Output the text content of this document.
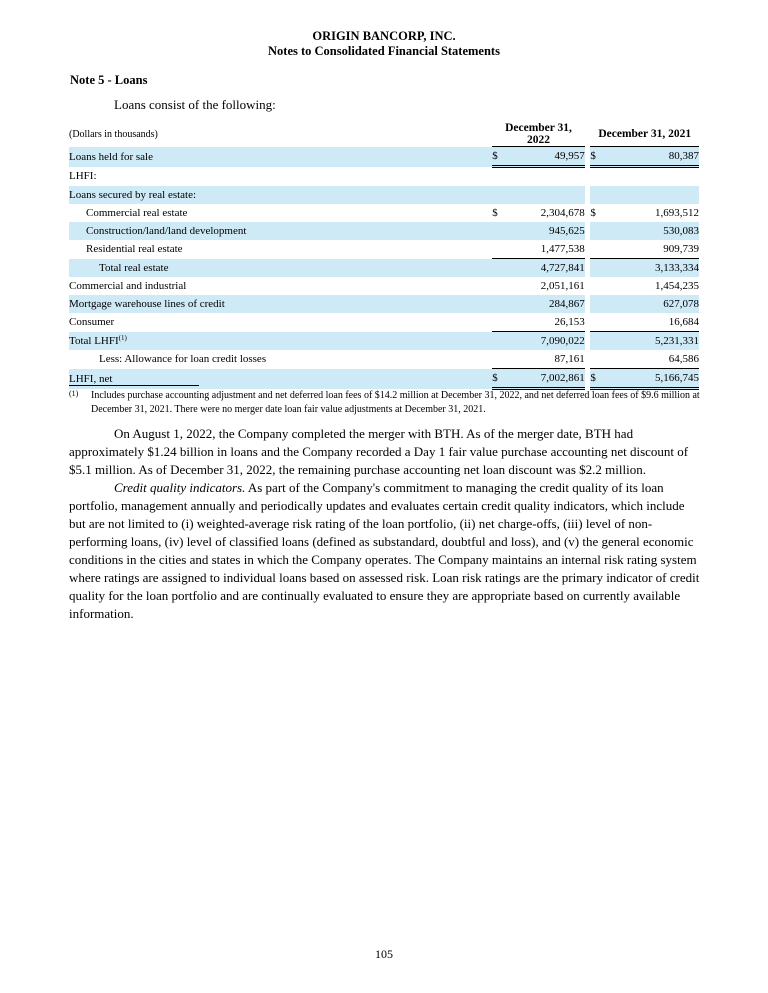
ORIGIN BANCORP, INC.
Notes to Consolidated Financial Statements
Note 5 - Loans
Loans consist of the following:
(Dollars in thousands)	December 31, 2022			December 31, 2021	
Loans held for sale	$	49,957		$	80,387
LHFI:					
Loans secured by real estate:					
Commercial real estate	$	2,304,678		$	1,693,512
Construction/land/land development		945,625			530,083
Residential real estate		1,477,538			909,739
Total real estate		4,727,841			3,133,334
Commercial and industrial		2,051,161			1,454,235
Mortgage warehouse lines of credit		284,867			627,078
Consumer		26,153			16,684
Total LHFI$^{(1)}$		7,090,022			5,231,331
Less: Allowance for loan credit losses		87,161			64,586
LHFI, net	$	7,002,861		$	5,166,745
(1) Includes purchase accounting adjustment and net deferred loan fees of $14.2 million at December 31, 2022, and net deferred loan fees of $9.6 million at December 31, 2021. There were no merger date loan fair value adjustments at December 31, 2021.
On August 1, 2022, the Company completed the merger with BTH. As of the merger date, BTH had approximately $1.24 billion in loans and the Company recorded a Day 1 fair value purchase accounting net discount of $5.1 million. As of December 31, 2022, the remaining purchase accounting net loan discount was $2.2 million.
Credit quality indicators. As part of the Company's commitment to managing the credit quality of its loan portfolio, management annually and periodically updates and evaluates certain credit quality indicators, which include but are not limited to (i) weighted-average risk rating of the loan portfolio, (ii) net charge-offs, (iii) level of non-performing loans, (iv) level of classified loans (defined as substandard, doubtful and loss), and (v) the general economic conditions in the cities and states in which the Company operates. The Company maintains an internal risk rating system where ratings are assigned to individual loans based on assessed risk. Loan risk ratings are the primary indicator of credit quality for the loan portfolio and are continually evaluated to ensure they are appropriate based on currently available information.
105
